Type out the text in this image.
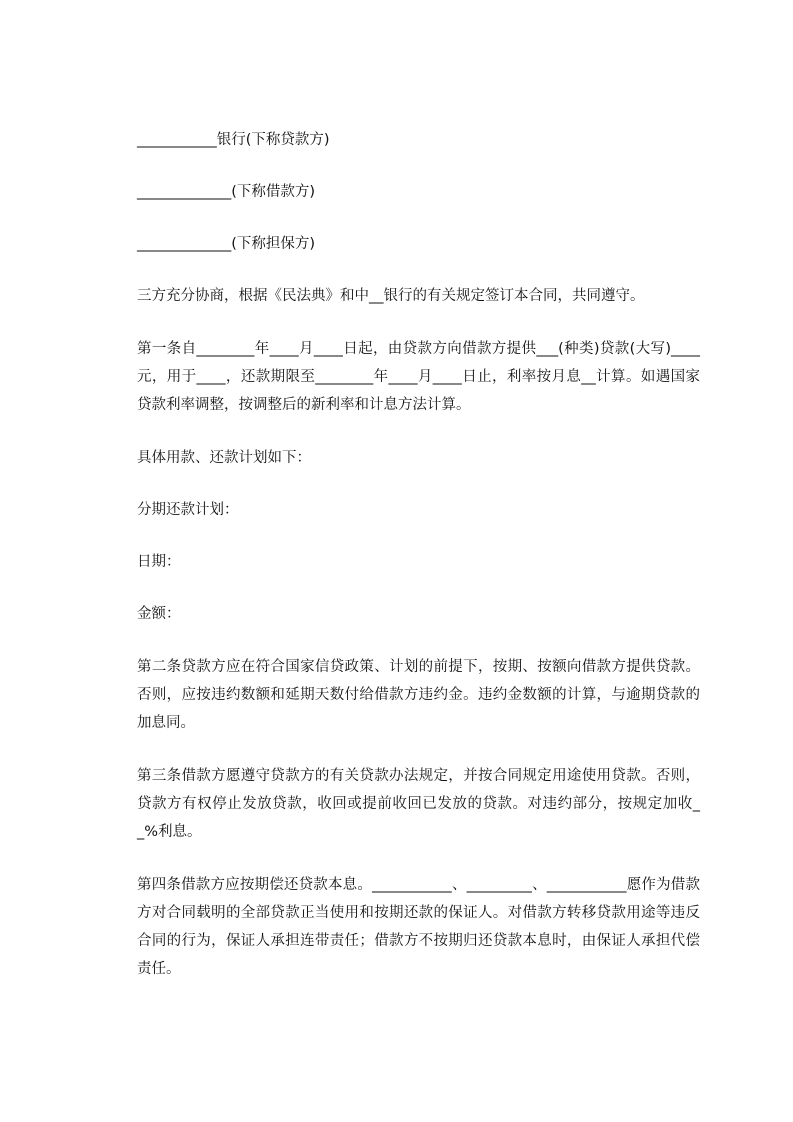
___________银行(下称贷款方)

_____________(下称借款方)

_____________(下称担保方)

三方充分协商，根据《民法典》和中__银行的有关规定签订本合同，共同遵守。

第一条自________年____月____日起，由贷款方向借款方提供___(种类)贷款(大写)____元，用于____，还款期限至________年____月____日止，利率按月息__计算。如遇国家贷款利率调整，按调整后的新利率和计息方法计算。

具体用款、还款计划如下：

分期还款计划：

日期：

金额：

第二条贷款方应在符合国家信贷政策、计划的前提下，按期、按额向借款方提供贷款。否则，应按违约数额和延期天数付给借款方违约金。违约金数额的计算，与逾期贷款的加息同。

第三条借款方愿遵守贷款方的有关贷款办法规定，并按合同规定用途使用贷款。否则，贷款方有权停止发放贷款，收回或提前收回已发放的贷款。对违约部分，按规定加收__%利息。

第四条借款方应按期偿还贷款本息。___________、_________、___________愿作为借款方对合同载明的全部贷款正当使用和按期还款的保证人。对借款方转移贷款用途等违反合同的行为，保证人承担连带责任；借款方不按期归还贷款本息时，由保证人承担代偿责任。
